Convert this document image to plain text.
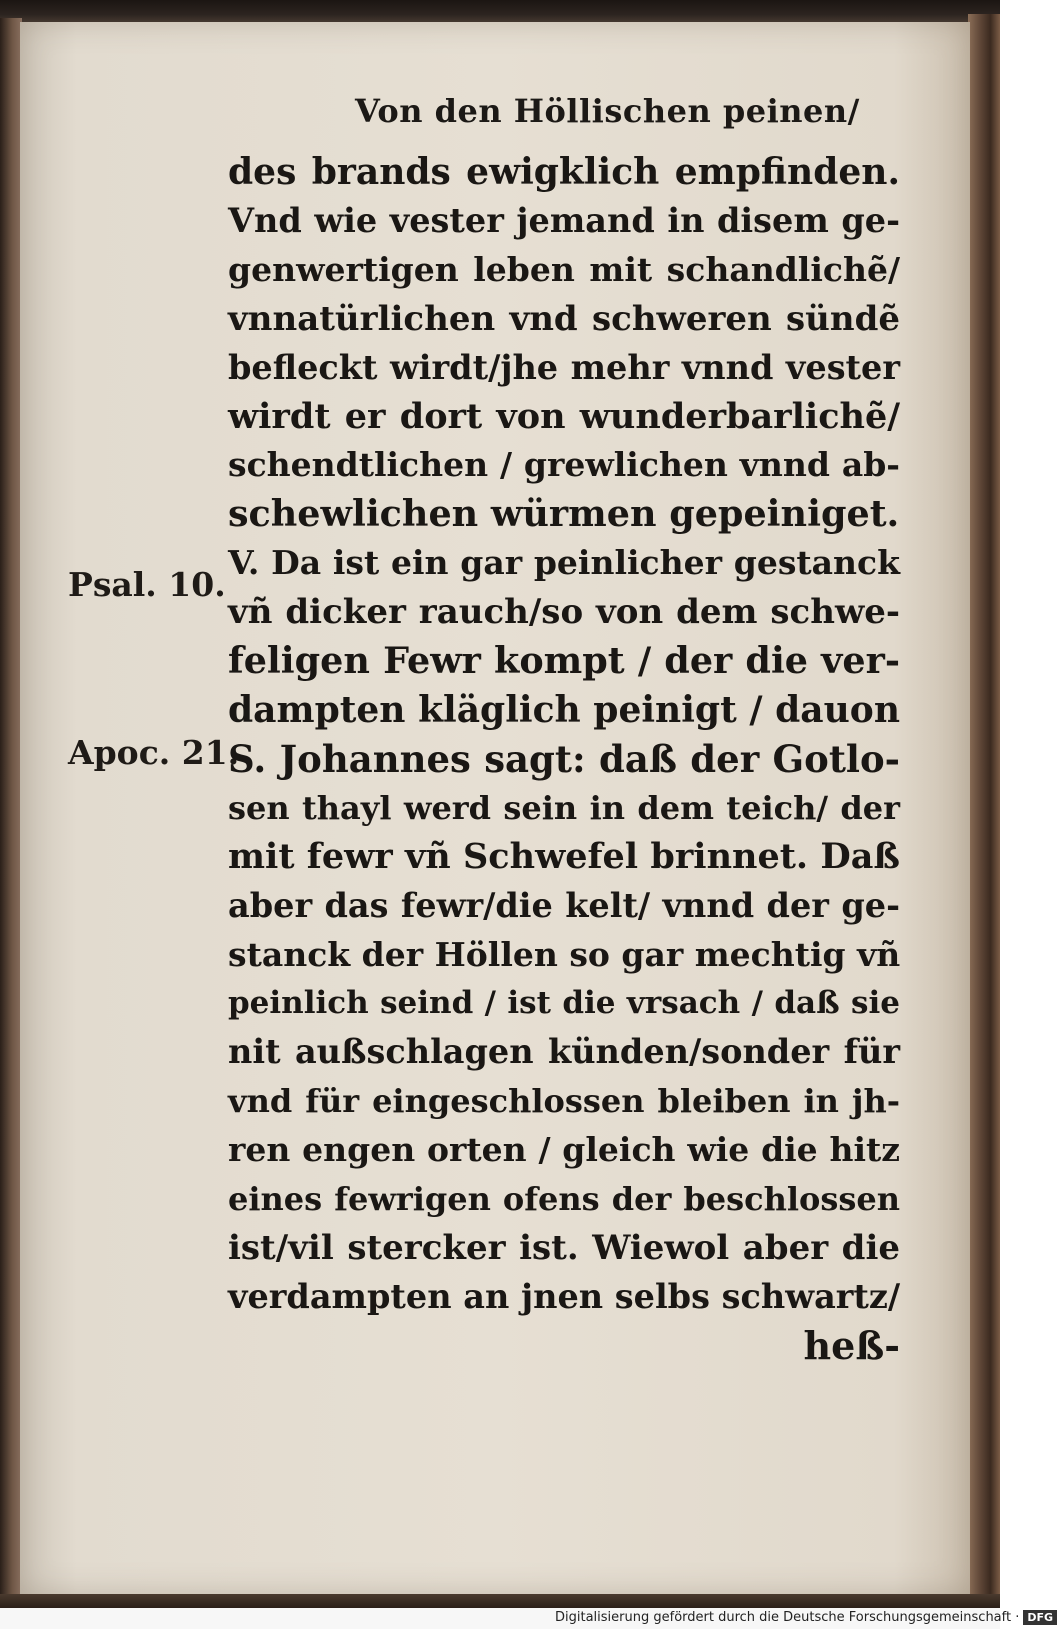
Von den Höllischen peinen/
Psal. 10.
Apoc. 21.
des brands ewigklich empfinden.
Vnd wie vester jemand in disem ge-
genwertigen leben mit schandlichẽ/
vnnatürlichen vnd schweren sündẽ
befleckt wirdt/jhe mehr vnnd vester
wirdt er dort von wunderbarlichẽ/
schendtlichen / grewlichen vnnd ab-
schewlichen würmen gepeiniget.
V. Da ist ein gar peinlicher gestanck
vñ dicker rauch/so von dem schwe-
feligen Fewr kompt / der die ver-
dampten kläglich peinigt / dauon
S. Johannes sagt: daß der Gotlo-
sen thayl werd sein in dem teich/ der
mit fewr vñ Schwefel brinnet. Daß
aber das fewr/die kelt/ vnnd der ge-
stanck der Höllen so gar mechtig vñ
peinlich seind / ist die vrsach / daß sie
nit außschlagen künden/sonder für
vnd für eingeschlossen bleiben in jh-
ren engen orten / gleich wie die hitz
eines fewrigen ofens der beschlossen
ist/vil stercker ist. Wiewol aber die
verdampten an jnen selbs schwartz/
heß-
Digitalisierung gefördert durch die Deutsche Forschungsgemeinschaft · DFG
